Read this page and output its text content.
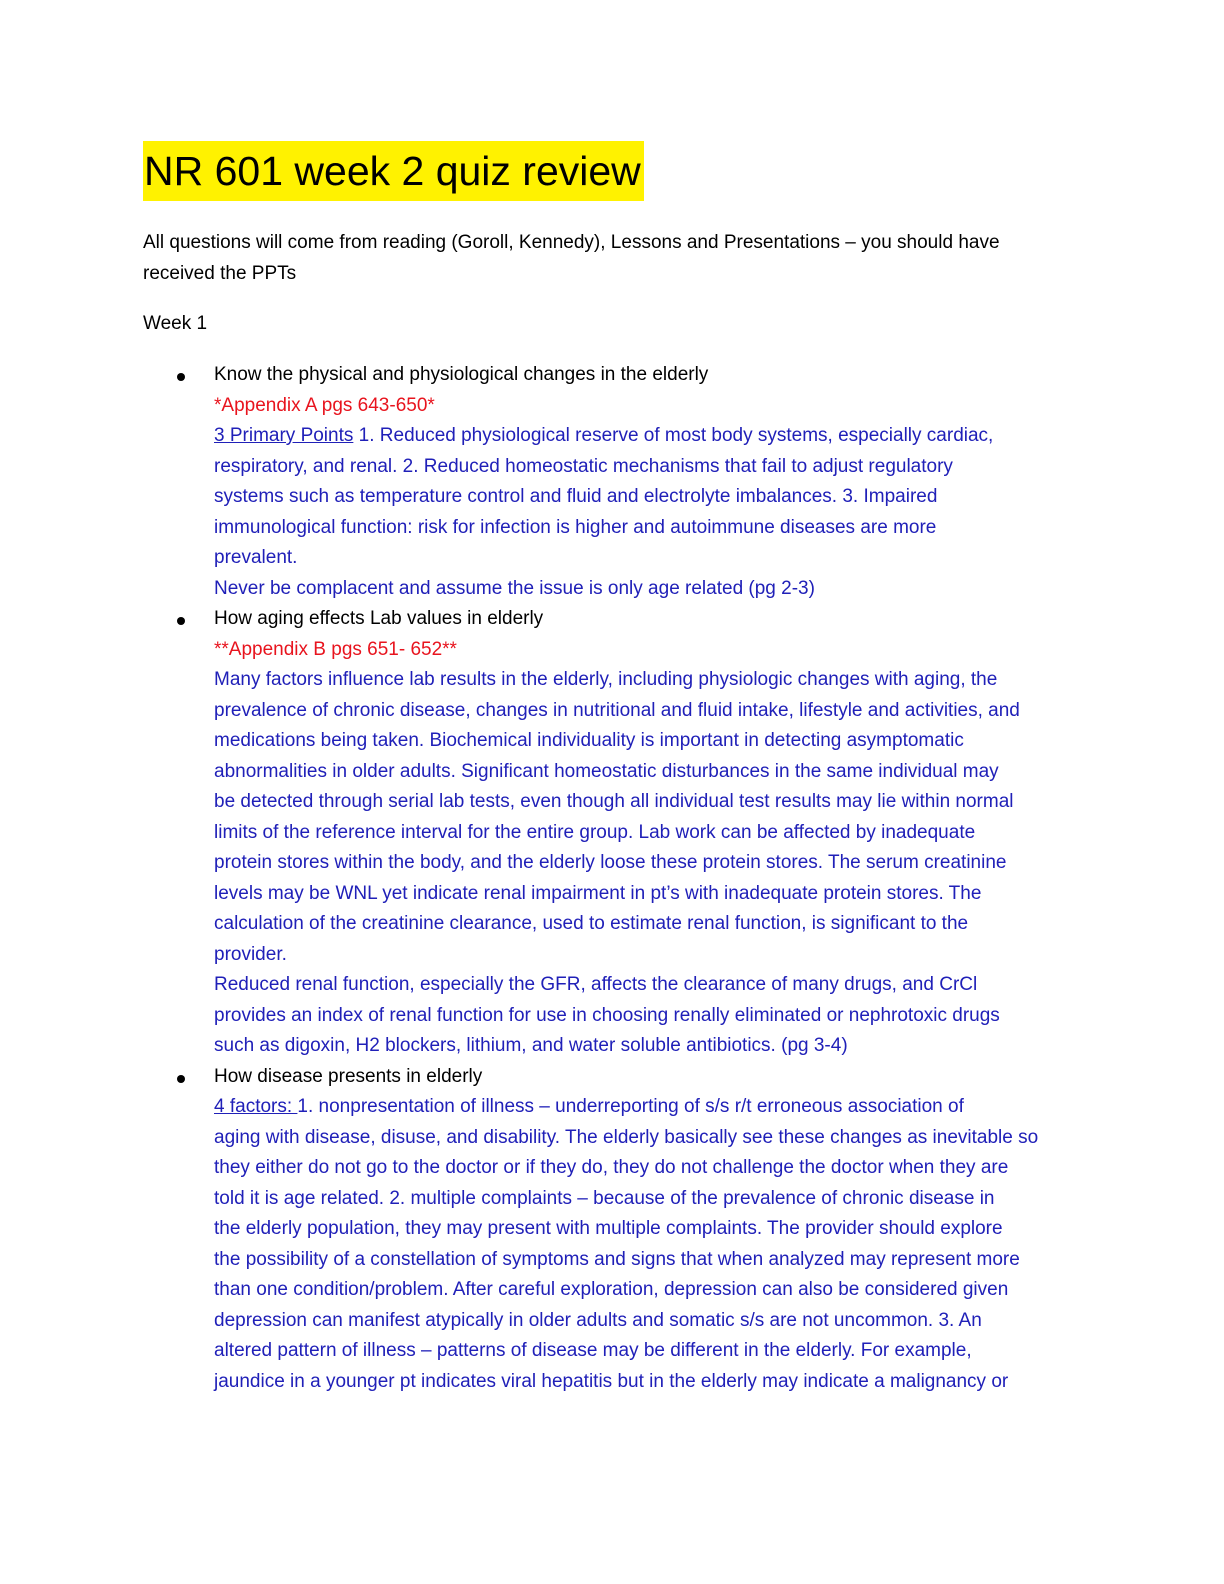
NR 601 week 2 quiz review

All questions will come from reading (Goroll, Kennedy), Lessons and Presentations – you should have received the PPTs

Week 1

Know the physical and physiological changes in the elderly

*Appendix A pgs 643-650*

3 Primary Points 1. Reduced physiological reserve of most body systems, especially cardiac,

respiratory, and renal. 2. Reduced homeostatic mechanisms that fail to adjust regulatory

systems such as temperature control and fluid and electrolyte imbalances. 3. Impaired

immunological function: risk for infection is higher and autoimmune diseases are more

prevalent.

Never be complacent and assume the issue is only age related (pg 2-3)

How aging effects Lab values in elderly

**Appendix B pgs 651- 652**

Many factors influence lab results in the elderly, including physiologic changes with aging, the

prevalence of chronic disease, changes in nutritional and fluid intake, lifestyle and activities, and

medications being taken. Biochemical individuality is important in detecting asymptomatic

abnormalities in older adults. Significant homeostatic disturbances in the same individual may

be detected through serial lab tests, even though all individual test results may lie within normal

limits of the reference interval for the entire group. Lab work can be affected by inadequate

protein stores within the body, and the elderly loose these protein stores. The serum creatinine

levels may be WNL yet indicate renal impairment in pt’s with inadequate protein stores. The

calculation of the creatinine clearance, used to estimate renal function, is significant to the

provider.

Reduced renal function, especially the GFR, affects the clearance of many drugs, and CrCl

provides an index of renal function for use in choosing renally eliminated or nephrotoxic drugs

such as digoxin, H2 blockers, lithium, and water soluble antibiotics. (pg 3-4)

How disease presents in elderly

4 factors: 1. nonpresentation of illness – underreporting of s/s r/t erroneous association of

aging with disease, disuse, and disability. The elderly basically see these changes as inevitable so

they either do not go to the doctor or if they do, they do not challenge the doctor when they are

told it is age related. 2. multiple complaints – because of the prevalence of chronic disease in

the elderly population, they may present with multiple complaints. The provider should explore

the possibility of a constellation of symptoms and signs that when analyzed may represent more

than one condition/problem. After careful exploration, depression can also be considered given

depression can manifest atypically in older adults and somatic s/s are not uncommon. 3. An

altered pattern of illness – patterns of disease may be different in the elderly. For example,

jaundice in a younger pt indicates viral hepatitis but in the elderly may indicate a malignancy or
